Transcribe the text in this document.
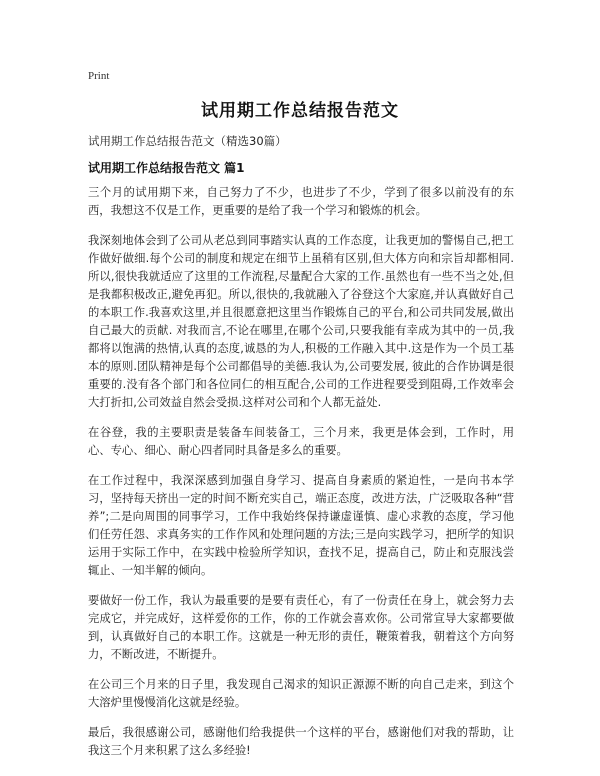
Print
试用期工作总结报告范文
试用期工作总结报告范文（精选30篇）
试用期工作总结报告范文 篇1

三个月的试用期下来，自己努力了不少，也进步了不少，学到了很多以前没有的东西，我想这不仅是工作，更重要的是给了我一个学习和锻炼的机会。

我深刻地体会到了公司从老总到同事踏实认真的工作态度，让我更加的警惕自己,把工作做好做细.每个公司的制度和规定在细节上虽稍有区别,但大体方向和宗旨却都相同.所以,很快我就适应了这里的工作流程,尽量配合大家的工作.虽然也有一些不当之处,但是我都积极改正,避免再犯。所以,很快的,我就融入了谷登这个大家庭,并认真做好自己的本职工作.我喜欢这里,并且很愿意把这里当作锻炼自己的平台,和公司共同发展,做出自己最大的贡献. 对我而言,不论在哪里,在哪个公司,只要我能有幸成为其中的一员,我都将以饱满的热情,认真的态度,诚恳的为人,积极的工作融入其中.这是作为一个员工基本的原则.团队精神是每个公司都倡导的美德.我认为,公司要发展, 彼此的合作协调是很重要的.没有各个部门和各位同仁的相互配合,公司的工作进程要受到阻碍,工作效率会大打折扣,公司效益自然会受损.这样对公司和个人都无益处.

在谷登，我的主要职责是装备车间装备工，三个月来，我更是体会到，工作时，用心、专心、细心、耐心四者同时具备是多么的重要。

在工作过程中，我深深感到加强自身学习、提高自身素质的紧迫性，一是向书本学习，坚持每天挤出一定的时间不断充实自己，端正态度，改进方法，广泛吸取各种“营养”;二是向周围的同事学习，工作中我始终保持谦虚谨慎、虚心求教的态度，学习他们任劳任怨、求真务实的工作作风和处理问题的方法;三是向实践学习，把所学的知识运用于实际工作中，在实践中检验所学知识，查找不足，提高自己，防止和克服浅尝辄止、一知半解的倾向。

要做好一份工作，我认为最重要的是要有责任心，有了一份责任在身上，就会努力去完成它，并完成好，这样爱你的工作，你的工作就会喜欢你。公司常宣导大家都要做到，认真做好自己的本职工作。这就是一种无形的责任，鞭策着我，朝着这个方向努力，不断改进，不断提升。

在公司三个月来的日子里，我发现自己渴求的知识正源源不断的向自己走来，到这个大溶炉里慢慢消化这就是经验。

最后，我很感谢公司，感谢他们给我提供一个这样的平台，感谢他们对我的帮助，让我这三个月来积累了这么多经验!
